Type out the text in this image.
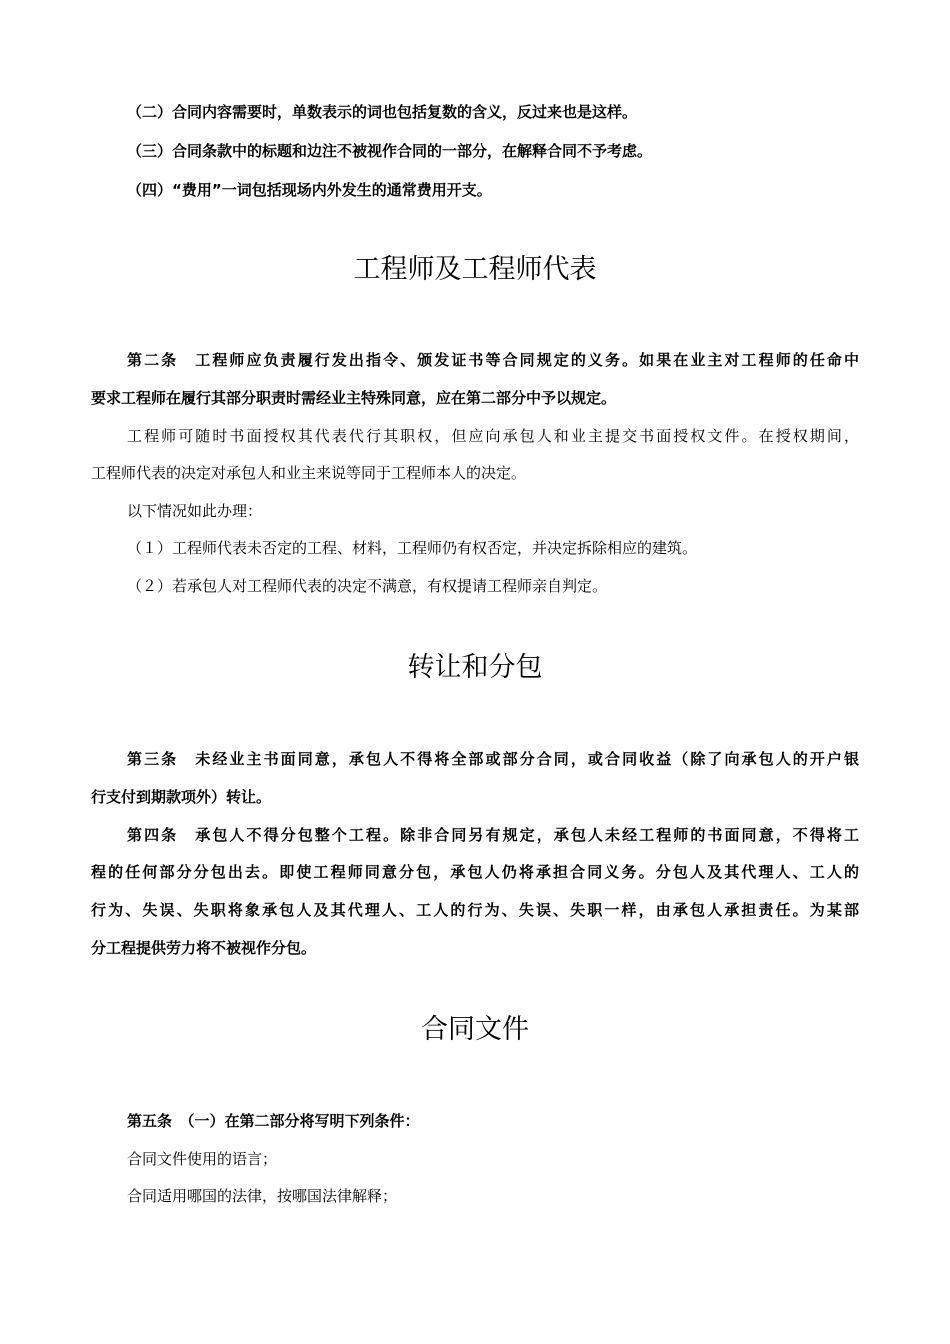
（二）合同内容需要时，单数表示的词也包括复数的含义，反过来也是这样。
（三）合同条款中的标题和边注不被视作合同的一部分，在解释合同不予考虑。
（四）“费用”一词包括现场内外发生的通常费用开支。
工程师及工程师代表
第二条　工程师应负责履行发出指令、颁发证书等合同规定的义务。如果在业主对工程师的任命中
要求工程师在履行其部分职责时需经业主特殊同意，应在第二部分中予以规定。
工程师可随时书面授权其代表代行其职权，但应向承包人和业主提交书面授权文件。在授权期间，
工程师代表的决定对承包人和业主来说等同于工程师本人的决定。
以下情况如此办理：
（１）工程师代表未否定的工程、材料，工程师仍有权否定，并决定拆除相应的建筑。
（２）若承包人对工程师代表的决定不满意，有权提请工程师亲自判定。
转让和分包
第三条　未经业主书面同意，承包人不得将全部或部分合同，或合同收益（除了向承包人的开户银
行支付到期款项外）转让。
第四条　承包人不得分包整个工程。除非合同另有规定，承包人未经工程师的书面同意，不得将工
程的任何部分分包出去。即使工程师同意分包，承包人仍将承担合同义务。分包人及其代理人、工人的
行为、失误、失职将象承包人及其代理人、工人的行为、失误、失职一样，由承包人承担责任。为某部
分工程提供劳力将不被视作分包。
合同文件
第五条　（一）在第二部分将写明下列条件：
合同文件使用的语言；
合同适用哪国的法律，按哪国法律解释；
